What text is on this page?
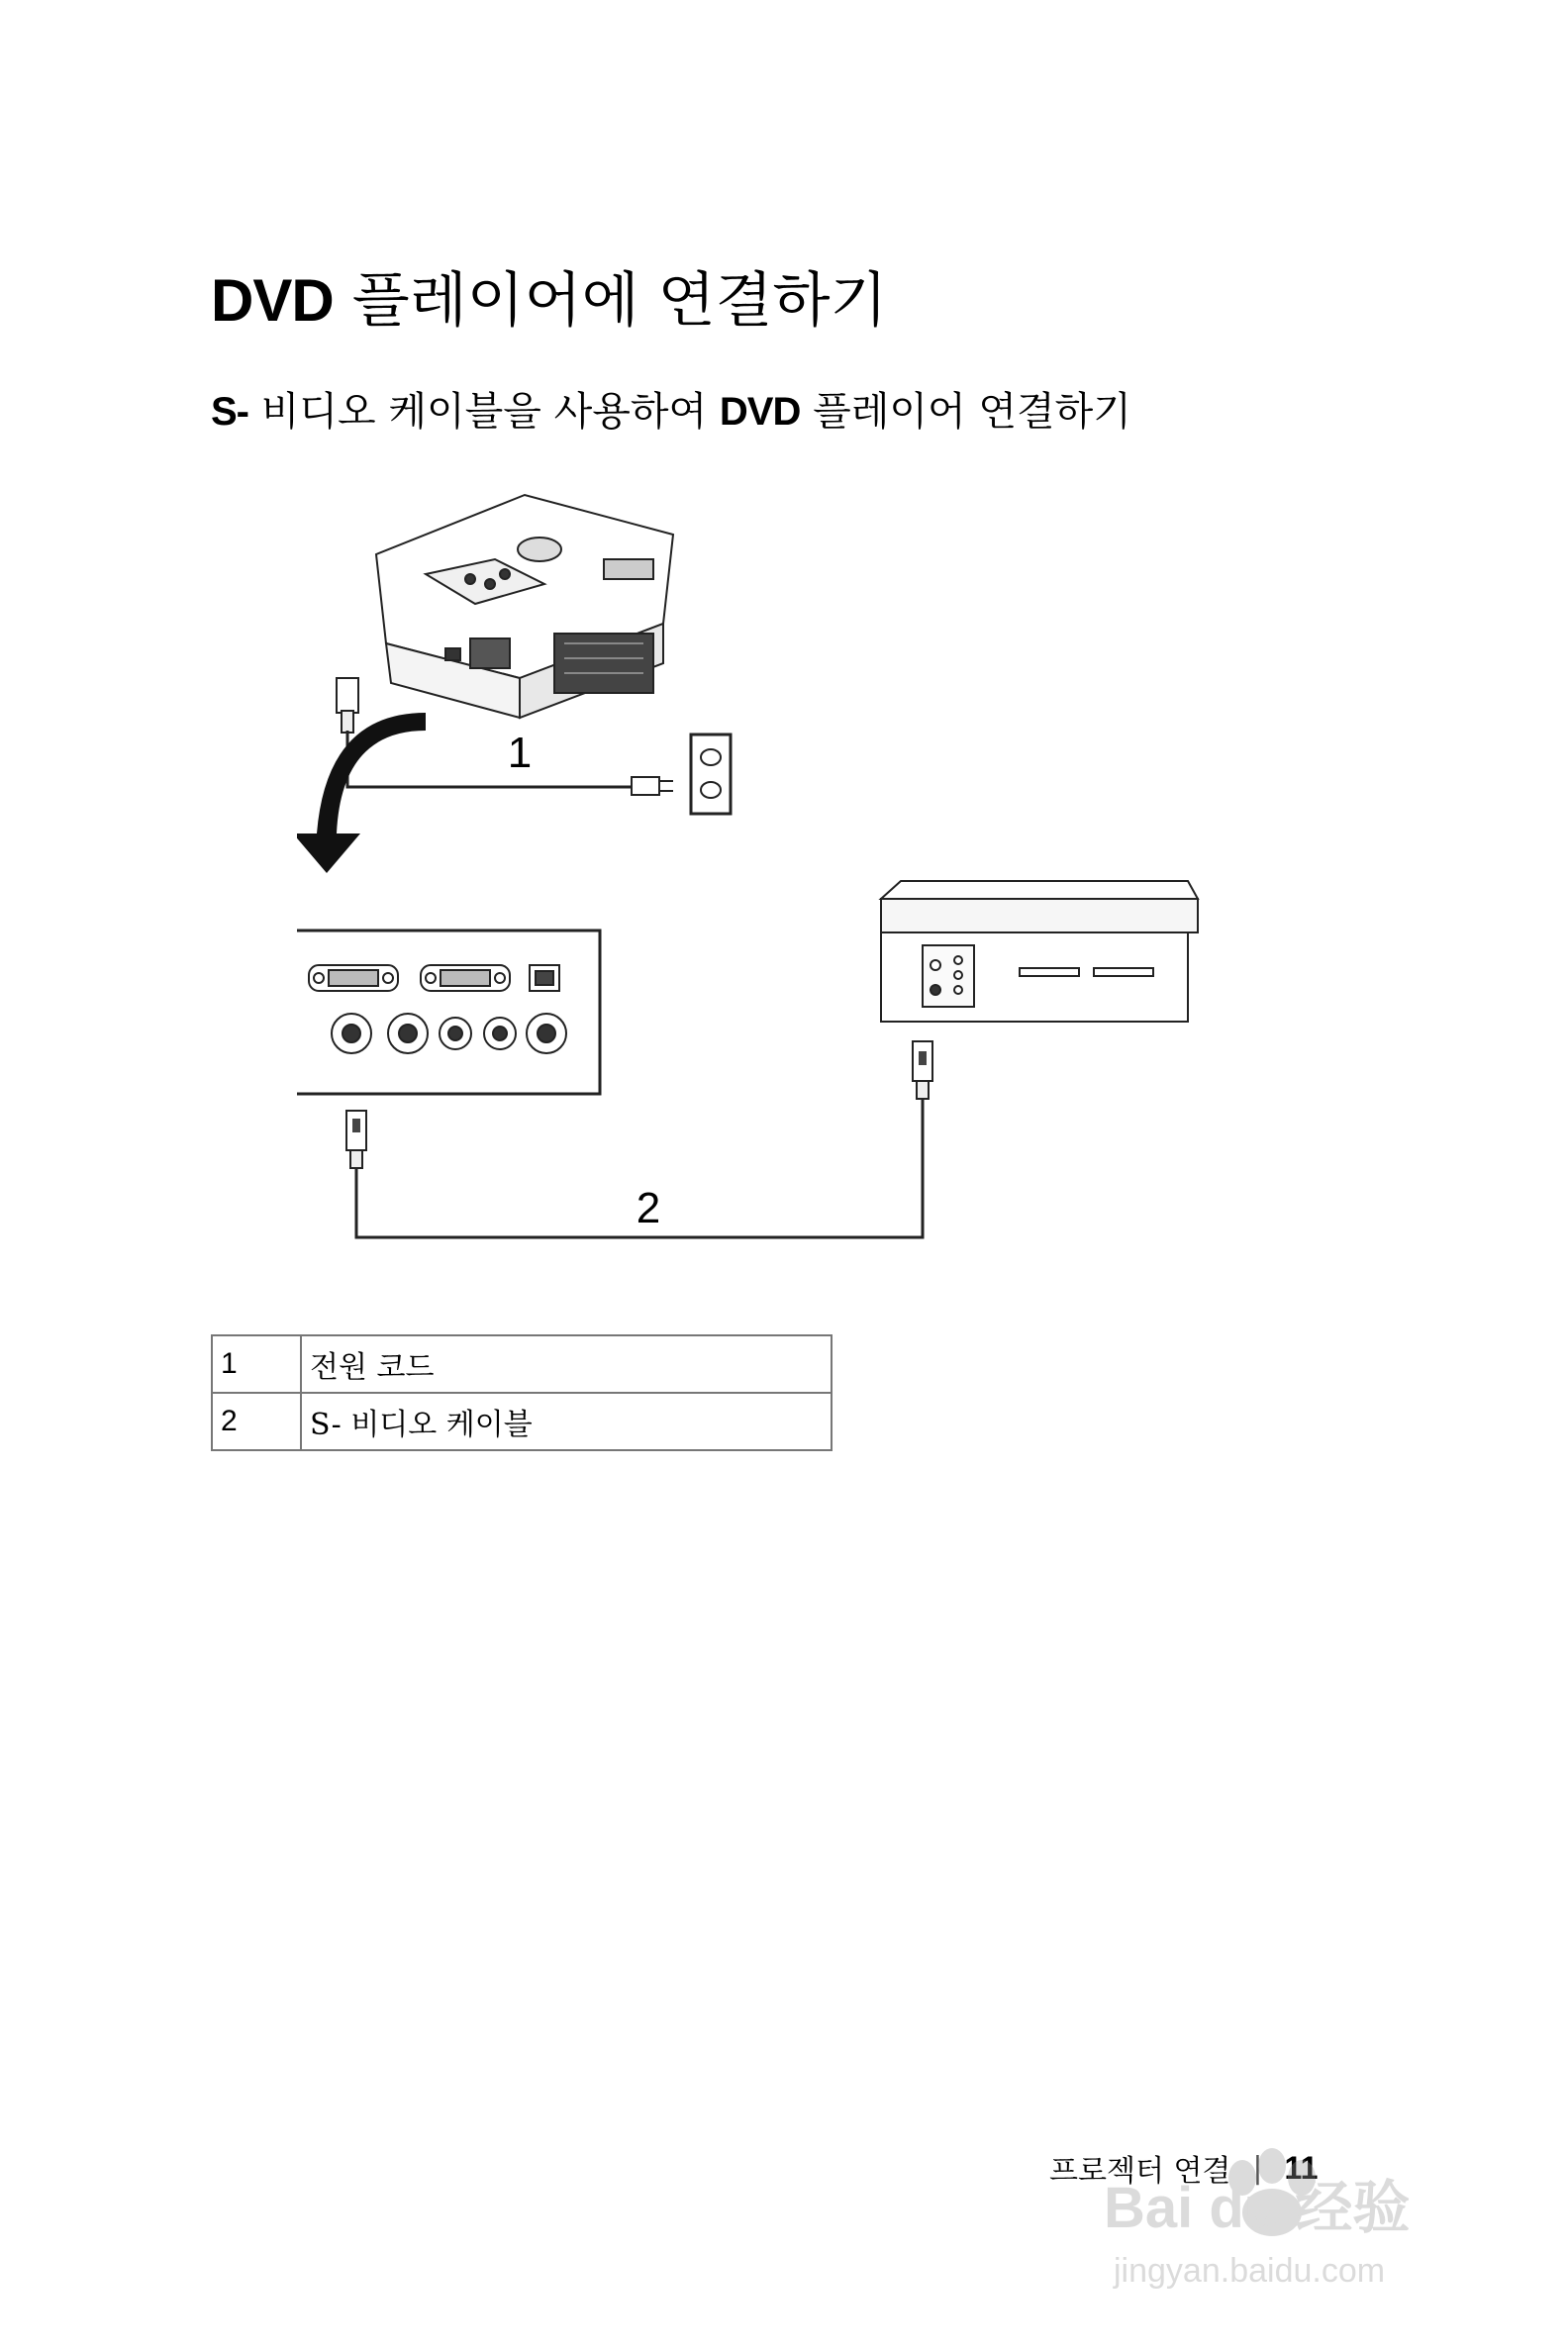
DVD 플레이어에 연결하기
S- 비디오 케이블을 사용하여 DVD 플레이어 연결하기
1
2
1	전원 코드
2	S- 비디오 케이블
프로젝터 연결 | 11
Bai du 经验
jingyan.baidu.com
